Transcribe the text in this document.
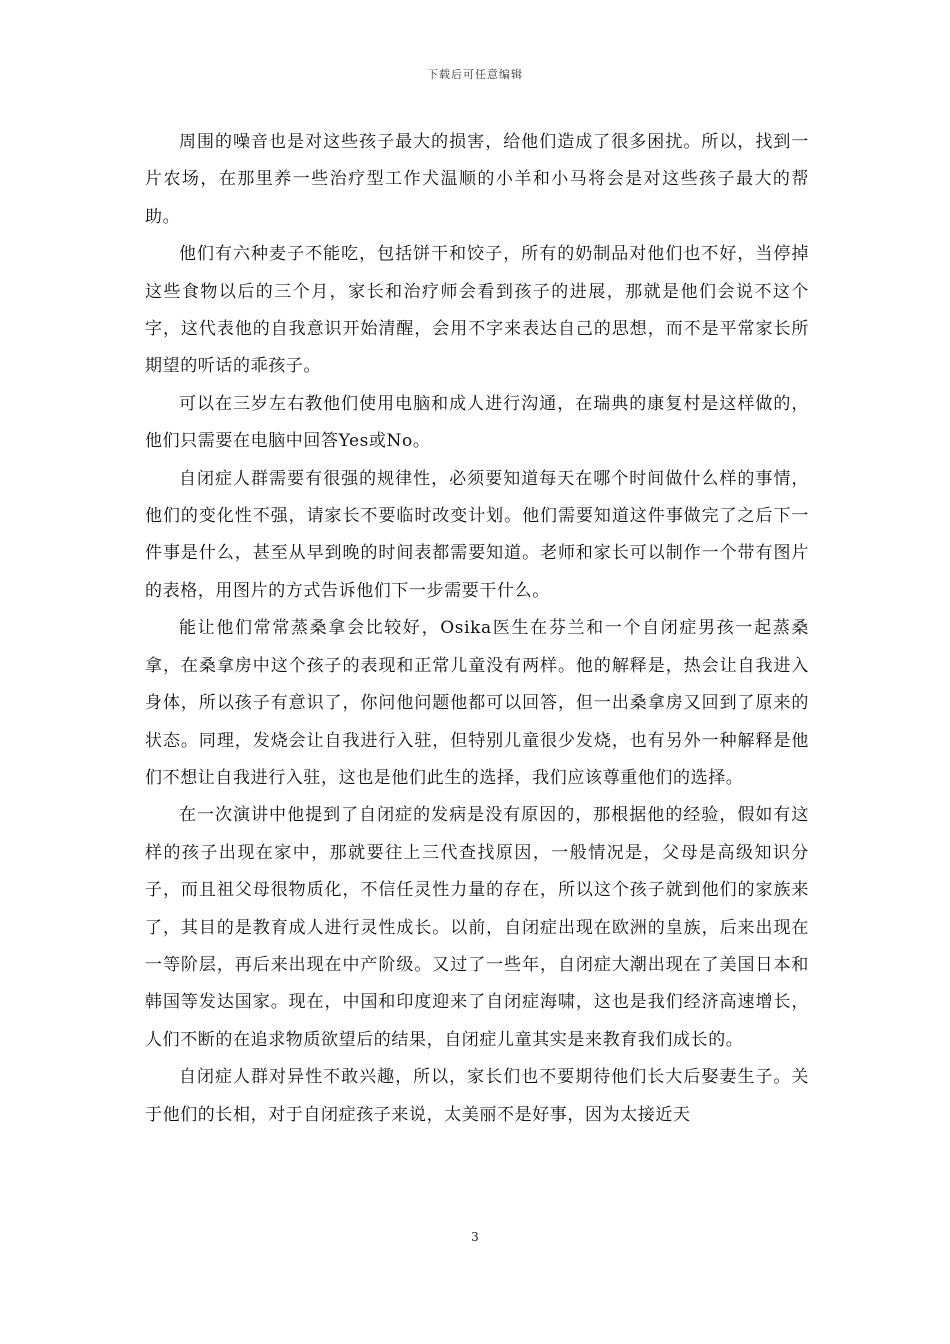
下载后可任意编辑

周围的噪音也是对这些孩子最大的损害，给他们造成了很多困扰。所以，找到一片农场，在那里养一些治疗型工作犬温顺的小羊和小马将会是对这些孩子最大的帮助。

他们有六种麦子不能吃，包括饼干和饺子，所有的奶制品对他们也不好，当停掉这些食物以后的三个月，家长和治疗师会看到孩子的进展，那就是他们会说不这个字，这代表他的自我意识开始清醒，会用不字来表达自己的思想，而不是平常家长所期望的听话的乖孩子。

可以在三岁左右教他们使用电脑和成人进行沟通，在瑞典的康复村是这样做的，他们只需要在电脑中回答Yes或No。

自闭症人群需要有很强的规律性，必须要知道每天在哪个时间做什么样的事情，他们的变化性不强，请家长不要临时改变计划。他们需要知道这件事做完了之后下一件事是什么，甚至从早到晚的时间表都需要知道。老师和家长可以制作一个带有图片的表格，用图片的方式告诉他们下一步需要干什么。

能让他们常常蒸桑拿会比较好，Osika医生在芬兰和一个自闭症男孩一起蒸桑拿，在桑拿房中这个孩子的表现和正常儿童没有两样。他的解释是，热会让自我进入身体，所以孩子有意识了，你问他问题他都可以回答，但一出桑拿房又回到了原来的状态。同理，发烧会让自我进行入驻，但特别儿童很少发烧，也有另外一种解释是他们不想让自我进行入驻，这也是他们此生的选择，我们应该尊重他们的选择。

在一次演讲中他提到了自闭症的发病是没有原因的，那根据他的经验，假如有这样的孩子出现在家中，那就要往上三代查找原因，一般情况是，父母是高级知识分子，而且祖父母很物质化，不信任灵性力量的存在，所以这个孩子就到他们的家族来了，其目的是教育成人进行灵性成长。以前，自闭症出现在欧洲的皇族，后来出现在一等阶层，再后来出现在中产阶级。又过了一些年，自闭症大潮出现在了美国日本和韩国等发达国家。现在，中国和印度迎来了自闭症海啸，这也是我们经济高速增长，人们不断的在追求物质欲望后的结果，自闭症儿童其实是来教育我们成长的。

自闭症人群对异性不敢兴趣，所以，家长们也不要期待他们长大后娶妻生子。关于他们的长相，对于自闭症孩子来说，太美丽不是好事，因为太接近天

3
